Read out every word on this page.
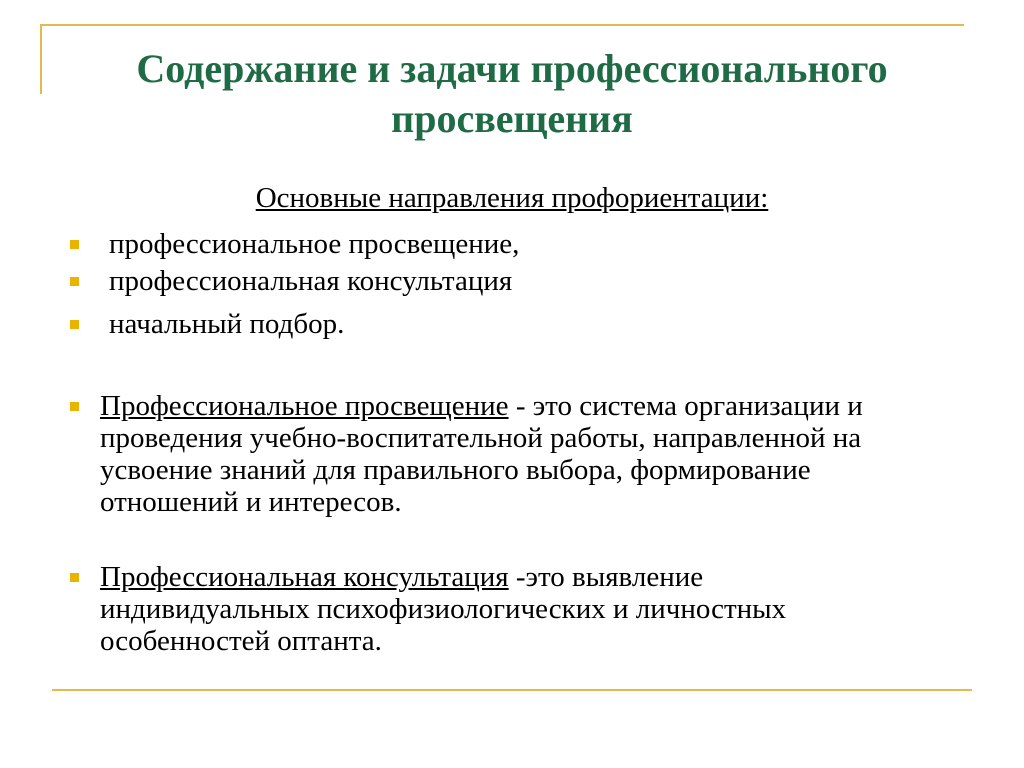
Содержание и задачи профессионального
просвещения
Основные направления профориентации:
профессиональное просвещение,
профессиональная консультация
начальный подбор.
Профессиональное просвещение - это система организации и проведения учебно-воспитательной работы, направленной на усвоение знаний для правильного выбора, формирование отношений и интересов.
Профессиональная консультация -это выявление индивидуальных психофизиологических и личностных особенностей оптанта.
